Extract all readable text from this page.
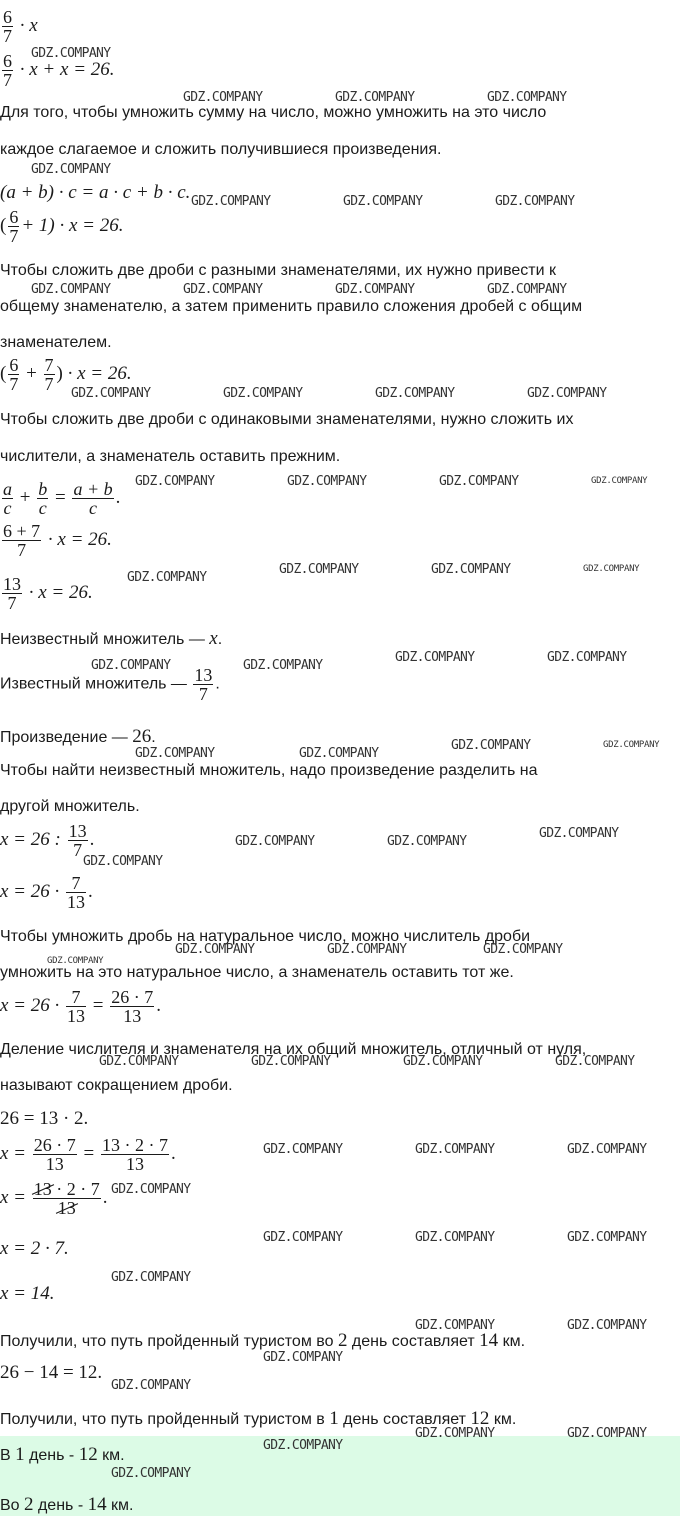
$\frac{6}{7} \cdot x$
$\frac{6}{7} \cdot x + x = 26$.
Для того, чтобы умножить сумму на число, можно умножить на это число
каждое слагаемое и сложить получившиеся произведения.
(a + b) · c = a · c + b · c.
( $\frac{6}{7} + 1) \cdot x = 26$.
Чтобы сложить две дроби с разными знаменателями, их нужно привести к
общему знаменателю, а затем применить правило сложения дробей с общим
знаменателем.
( $\frac{6}{7} + \frac{7}{7}$ ) · x = 26.
Чтобы сложить две дроби с одинаковыми знаменателями, нужно сложить их
числители, а знаменатель оставить прежним.
$\frac{a}{c} + \frac{b}{c} = \frac{a + b}{c}$ .
$\frac{6 + 7}{7} \cdot x = 26$.
$\frac{13}{7} \cdot x = 26$.
Неизвестный множитель — x.
Известный множитель — $\frac{13}{7}$ .
Произведение — 26.
Чтобы найти неизвестный множитель, надо произведение разделить на
другой множитель.
x = 26 : $\frac{13}{7}$ .
$x = 26 \cdot \frac{7}{13}$ .
Чтобы умножить дробь на натуральное число, можно числитель дроби
умножить на это натуральное число, а знаменатель оставить тот же.
$x = 26 \cdot \frac{7}{13} = \frac{26 \cdot 7}{13}$ .
Деление числителя и знаменателя на их общий множитель, отличный от нуля,
называют сокращением дроби.
26 = 13 · 2.
$x = \frac{26 \cdot 7}{13} = \frac{13 \cdot 2 \cdot 7}{13}$ .
$x = \frac{13 \cdot 2 \cdot 7}{13}$ .
x = 2 · 7.
x = 14.
Получили, что путь пройденный туристом во 2 день составляет 14 км.
26 − 14 = 12.
Получили, что путь пройденный туристом в 1 день составляет 12 км.
В 1 день - 12 км.
Во 2 день - 14 км.
GDZ.COMPANY
GDZ.COMPANY	GDZ.COMPANY	GDZ.COMPANY
GDZ.COMPANY
GDZ.COMPANY	GDZ.COMPANY	GDZ.COMPANY
GDZ.COMPANY	GDZ.COMPANY	GDZ.COMPANY	GDZ.COMPANY
GDZ.COMPANY	GDZ.COMPANY	GDZ.COMPANY	GDZ.COMPANY
GDZ.COMPANY	GDZ.COMPANY	GDZ.COMPANY	GDZ.COMPANY
GDZ.COMPANY
GDZ.COMPANY	GDZ.COMPANY	GDZ.COMPANY
GDZ.COMPANY	GDZ.COMPANY
GDZ.COMPANY	GDZ.COMPANY
GDZ.COMPANY	GDZ.COMPANY
GDZ.COMPANY	GDZ.COMPANY
GDZ.COMPANY
GDZ.COMPANY	GDZ.COMPANY
GDZ.COMPANY
GDZ.COMPANY	GDZ.COMPANY	GDZ.COMPANY
GDZ.COMPANY
GDZ.COMPANY	GDZ.COMPANY	GDZ.COMPANY	GDZ.COMPANY
GDZ.COMPANY	GDZ.COMPANY	GDZ.COMPANY
GDZ.COMPANY
GDZ.COMPANY	GDZ.COMPANY	GDZ.COMPANY
GDZ.COMPANY
GDZ.COMPANY	GDZ.COMPANY
GDZ.COMPANY
GDZ.COMPANY
GDZ.COMPANY	GDZ.COMPANY
GDZ.COMPANY
GDZ.COMPANY
